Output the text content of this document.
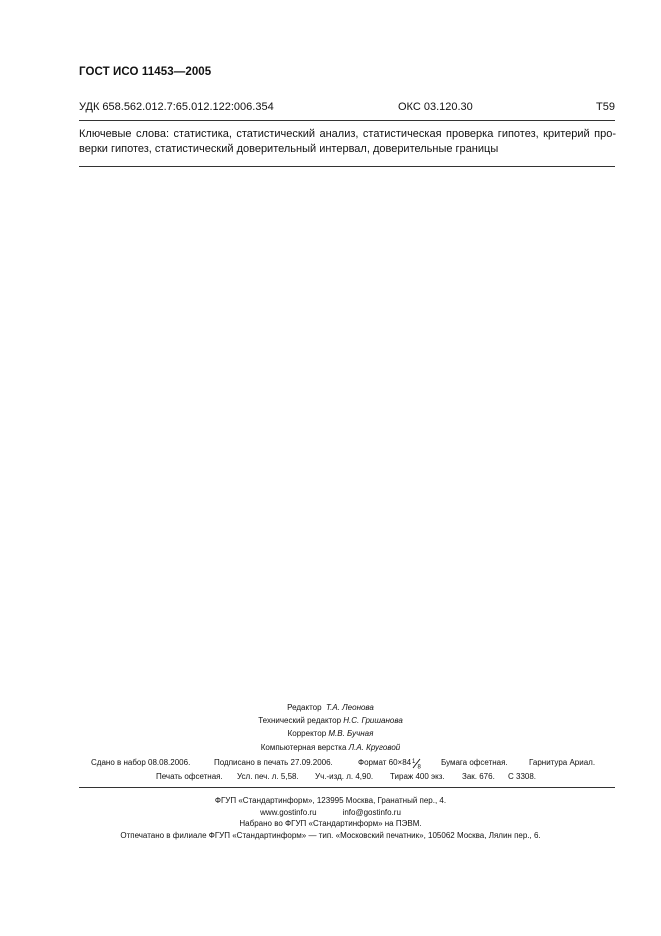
ГОСТ ИСО 11453—2005
УДК 658.562.012.7:65.012.122:006.354	ОКС 03.120.30	Т59
Ключевые слова: статистика, статистический анализ, статистическая проверка гипотез, критерий про-
верки гипотез, статистический доверительный интервал, доверительные границы
Редактор Т.А. Леонова
Технический редактор Н.С. Гришанова
Корректор М.В. Бучная
Компьютерная верстка Л.А. Круговой
Сдано в набор 08.08.2006.	Подписано в печать 27.09.2006.	Формат 60×84 1
8
Бумага офсетная.	Гарнитура Ариал.
Печать офсетная. Усл. печ. л. 5,58. Уч.-изд. л. 4,90. Тираж 400 экз. Зак. 676. С 3308.
ФГУП «Стандартинформ», 123995 Москва, Гранатный пер., 4.
www.gostinfo.ru	info@gostinfo.ru
Набрано во ФГУП «Стандартинформ» на ПЭВМ.
Отпечатано в филиале ФГУП «Стандартинформ» — тип. «Московский печатник», 105062 Москва, Лялин пер., 6.
